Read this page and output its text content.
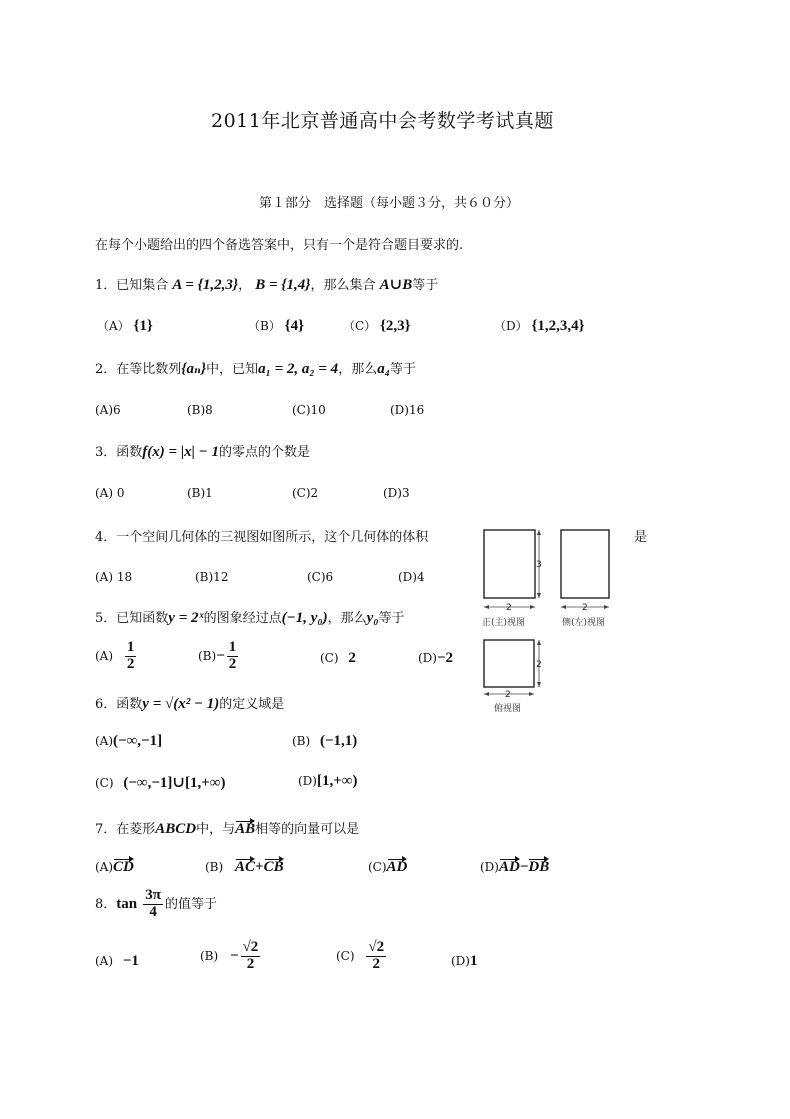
2011年北京普通高中会考数学考试真题
第１部分　选择题（每小题３分，共６０分）
在每个小题给出的四个备选答案中，只有一个是符合题目要求的.
1．已知集合 A = {1,2,3}， B = {1,4}，那么集合 A∪B等于
（A） {1}	（B） {4}	（C） {2,3}	（D） {1,2,3,4}
2．在等比数列{aₙ}中，已知a₁ = 2, a₂ = 4，那么a₄等于
(A)6	(B)8	(C)10	(D)16
3．函数f(x) = |x| − 1的零点的个数是
(A) 0	(B)1	(C)2	(D)3
4．一个空间几何体的三视图如图所示，这个几何体的体积	是
(A) 18	(B)12	(C)6	(D)4
3
2
正(主)视图
2
侧(左)视图
2
2
俯视图
5．已知函数y = 2ˣ的图象经过点(−1, y₀)，那么y₀等于
$(A) \frac{1}{2}$	$(B)- \frac{1}{2}$	(C) 2	(D)−2
6．函数y = √(x² − 1)的定义域是
(A)(−∞,−1]	(B) (−1,1)
(C) (−∞,−1]∪[1,+∞)	(D)[1,+∞)
7．在菱形ABCD中，与AB相等的向量可以是
(A)CD	(B) AC+CB	(C)AD	(D)AD−DB
8．$\tan \frac{3\pi}{4}$ 的值等于
(A) −1	$(B) - \frac{√2}{2}$	$(C) \frac{√2}{2}$	(D)1
